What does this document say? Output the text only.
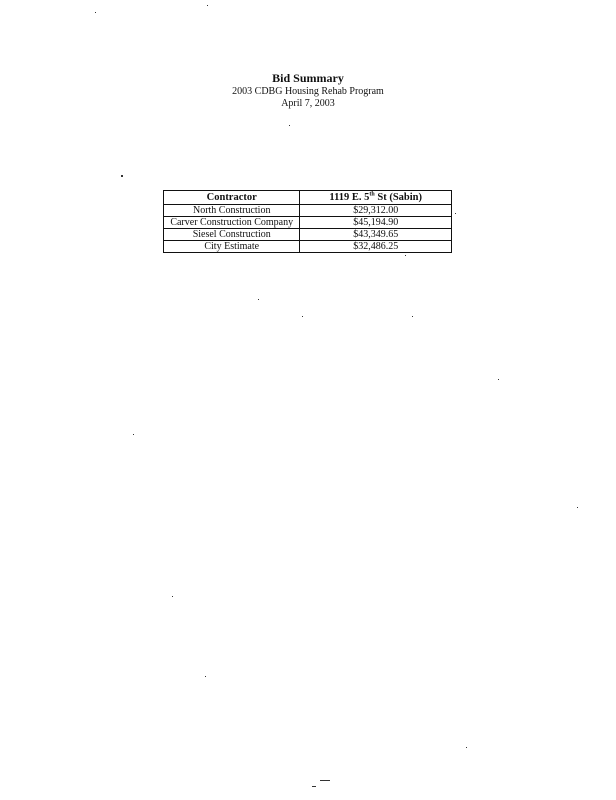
Bid Summary
2003 CDBG Housing Rehab Program
April 7, 2003
Contractor	1119 E. 5th St (Sabin)
North Construction	$29,312.00
Carver Construction Company	$45,194.90
Siesel Construction	$43,349.65
City Estimate	$32,486.25
